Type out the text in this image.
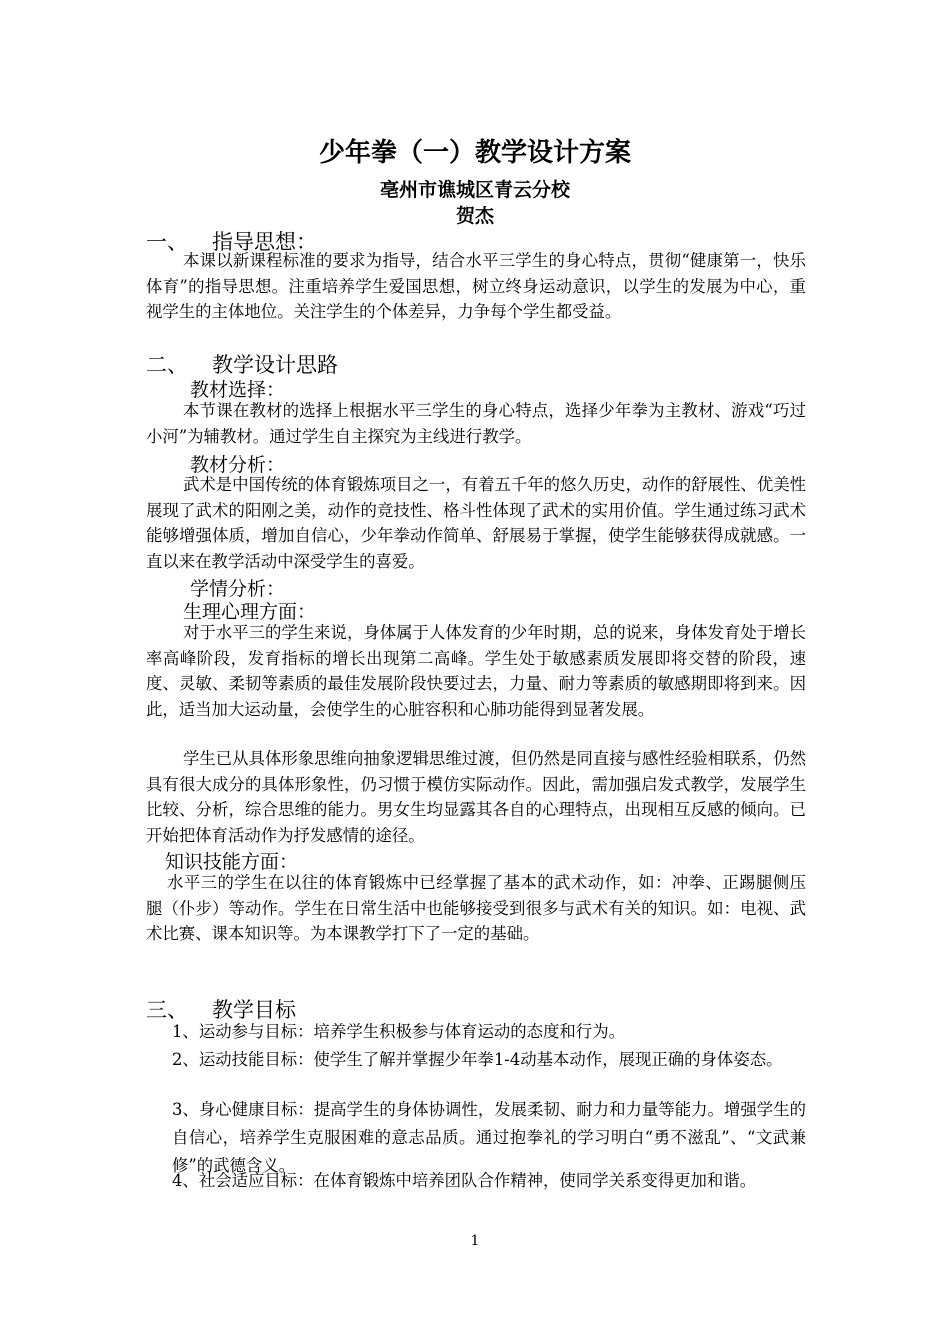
少年拳（一）教学设计方案
亳州市谯城区青云分校
贺杰
一、 指导思想：

本课以新课程标准的要求为指导，结合水平三学生的身心特点，贯彻“健康第一，快乐体育”的指导思想。注重培养学生爱国思想，树立终身运动意识，以学生的发展为中心，重视学生的主体地位。关注学生的个体差异，力争每个学生都受益。

二、 教学设计思路
教材选择：

本节课在教材的选择上根据水平三学生的身心特点，选择少年拳为主教材、游戏“巧过小河”为辅教材。通过学生自主探究为主线进行教学。

教材分析：

武术是中国传统的体育锻炼项目之一，有着五千年的悠久历史，动作的舒展性、优美性展现了武术的阳刚之美，动作的竞技性、格斗性体现了武术的实用价值。学生通过练习武术能够增强体质，增加自信心，少年拳动作简单、舒展易于掌握，使学生能够获得成就感。一直以来在教学活动中深受学生的喜爱。

学情分析：
生理心理方面：

对于水平三的学生来说，身体属于人体发育的少年时期，总的说来，身体发育处于增长率高峰阶段，发育指标的增长出现第二高峰。学生处于敏感素质发展即将交替的阶段，速度、灵敏、柔韧等素质的最佳发展阶段快要过去，力量、耐力等素质的敏感期即将到来。因此，适当加大运动量，会使学生的心脏容积和心肺功能得到显著发展。

学生已从具体形象思维向抽象逻辑思维过渡，但仍然是同直接与感性经验相联系，仍然具有很大成分的具体形象性，仍习惯于模仿实际动作。因此，需加强启发式教学，发展学生比较、分析，综合思维的能力。男女生均显露其各自的心理特点，出现相互反感的倾向。已开始把体育活动作为抒发感情的途径。

知识技能方面：

水平三的学生在以往的体育锻炼中已经掌握了基本的武术动作，如：冲拳、正踢腿侧压腿（仆步）等动作。学生在日常生活中也能够接受到很多与武术有关的知识。如：电视、武术比赛、课本知识等。为本课教学打下了一定的基础。

三、 教学目标

1、运动参与目标：培养学生积极参与体育运动的态度和行为。

2、运动技能目标：使学生了解并掌握少年拳1-4动基本动作，展现正确的身体姿态。

3、身心健康目标：提高学生的身体协调性，发展柔韧、耐力和力量等能力。增强学生的自信心，培养学生克服困难的意志品质。通过抱拳礼的学习明白“勇不滋乱”、“文武兼修”的武德含义。

4、社会适应目标：在体育锻炼中培养团队合作精神，使同学关系变得更加和谐。

1
